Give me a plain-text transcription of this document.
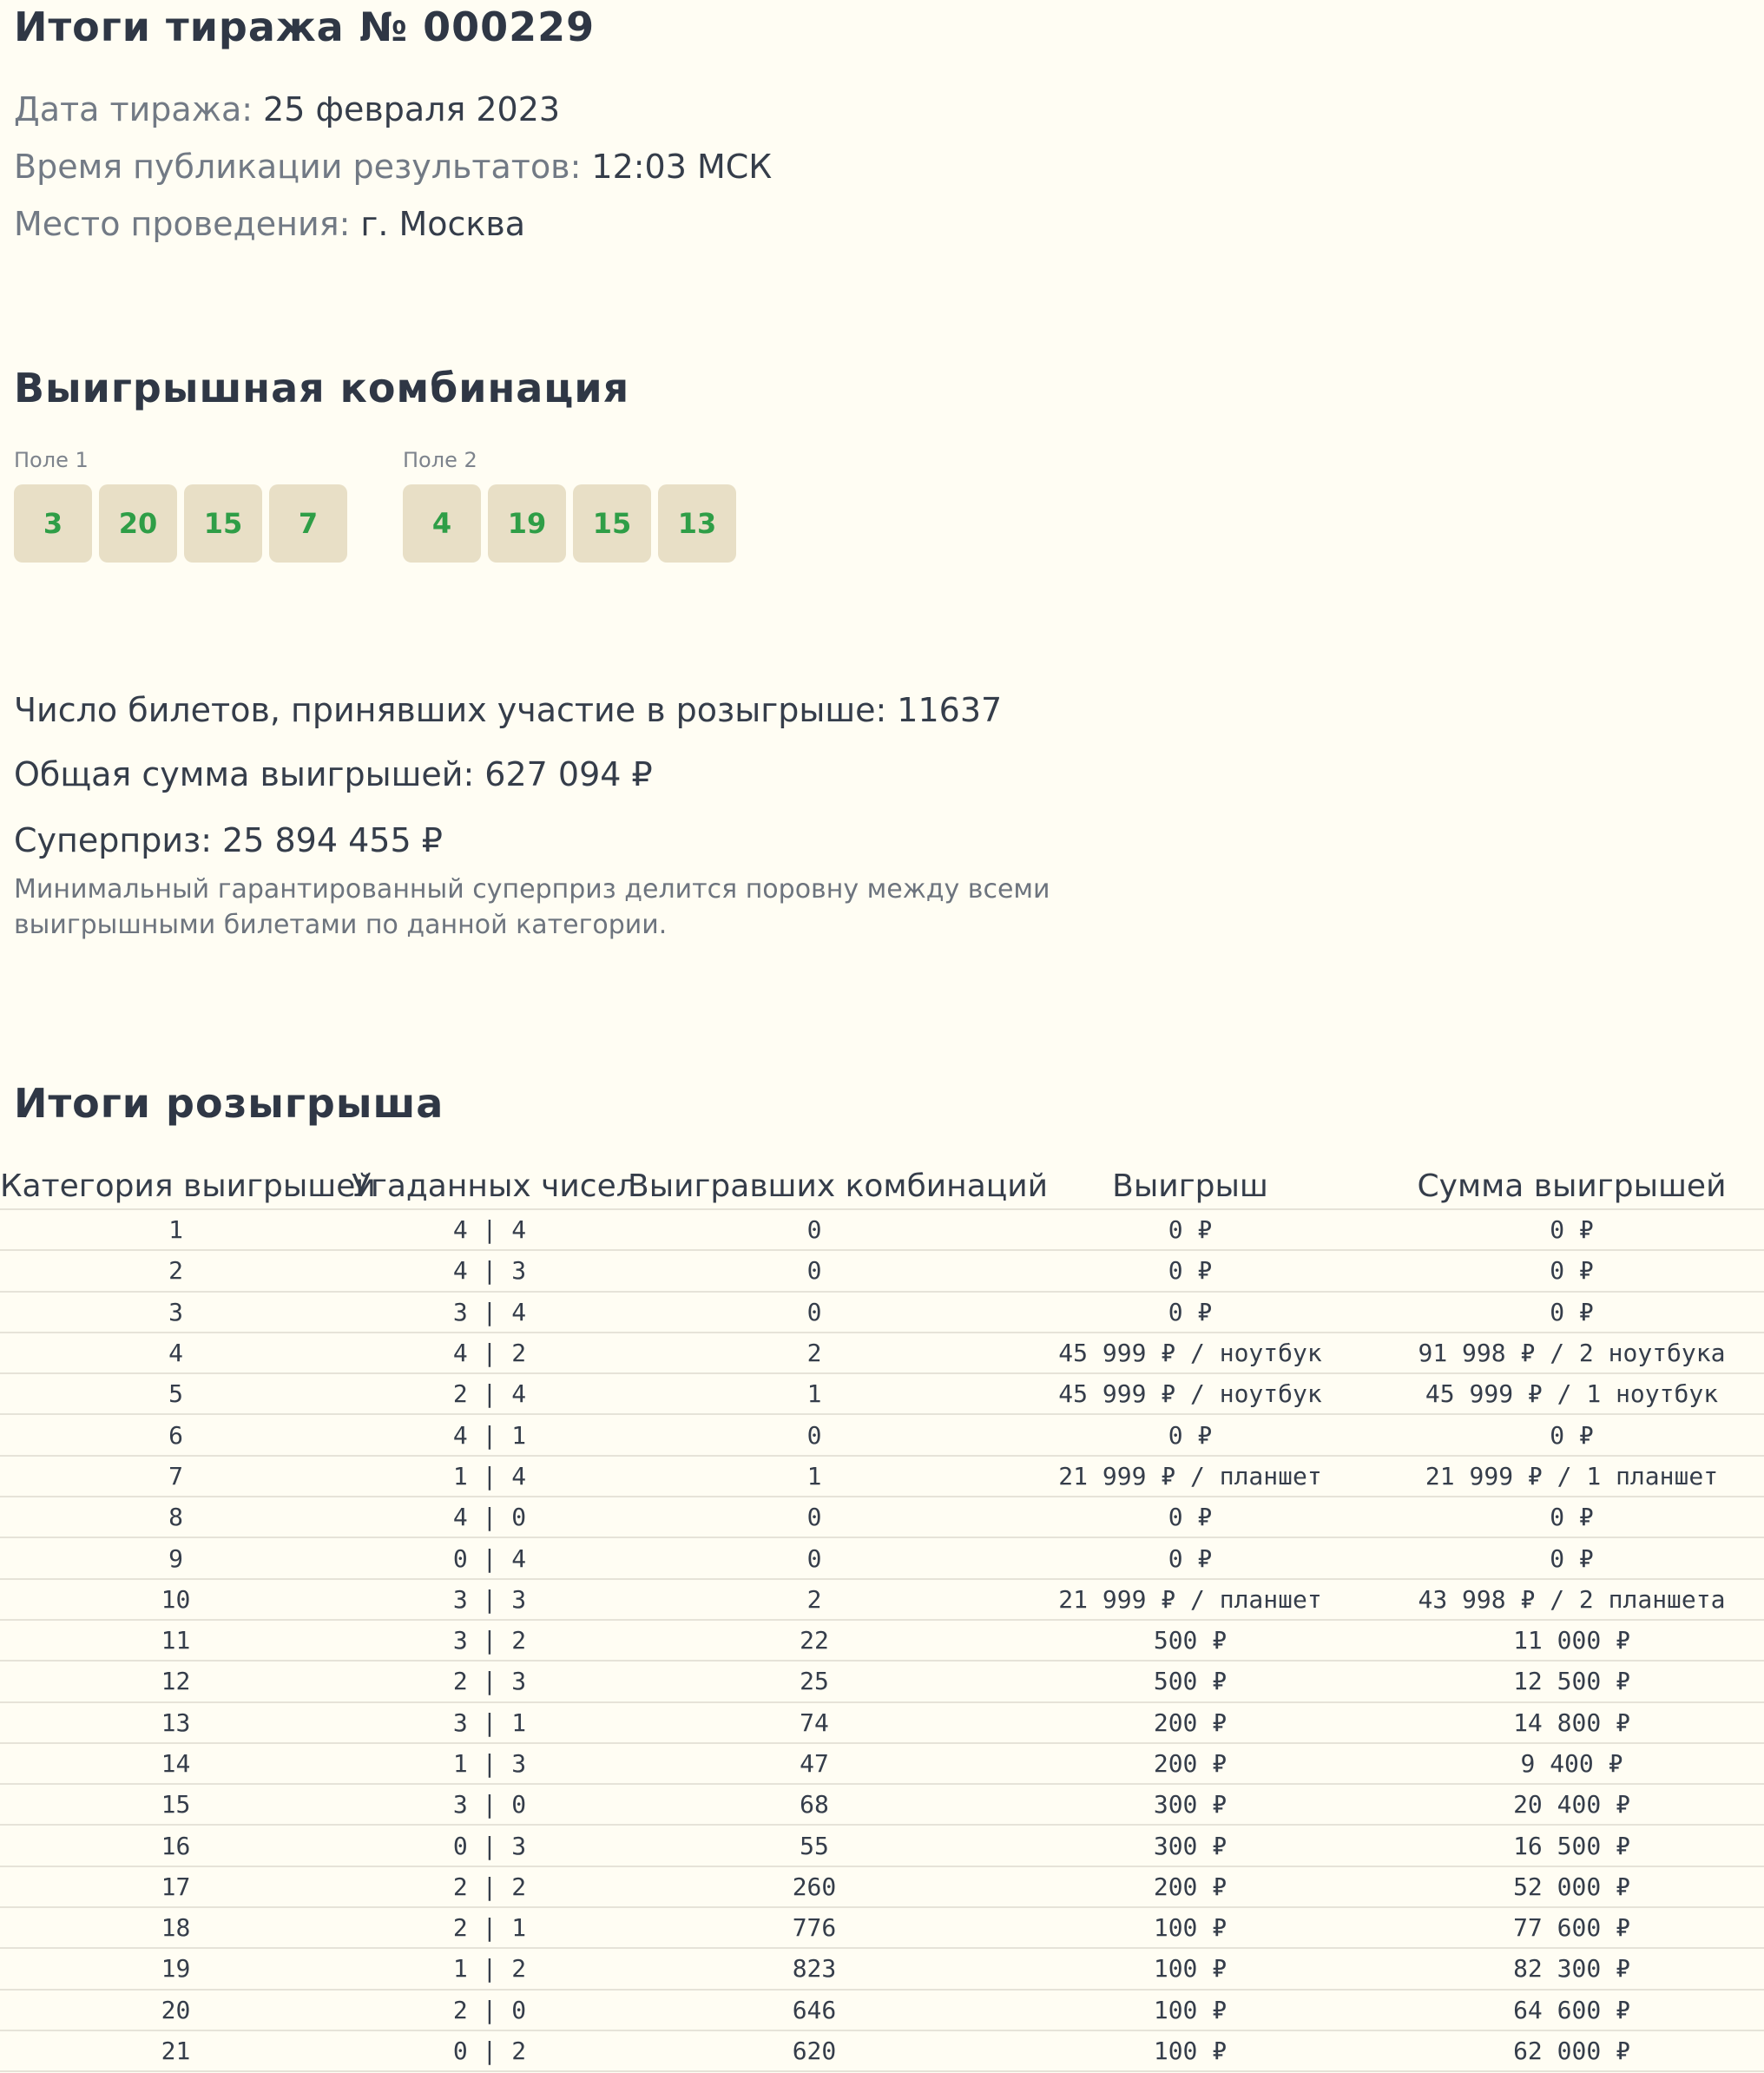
Итоги тиража № 000229
Дата тиража: 25 февраля 2023
Время публикации результатов: 12:03 МСК
Место проведения: г. Москва
Выигрышная комбинация
Поле 1
3	20	15	7
Поле 2
4	19	15	13
Число билетов, принявших участие в розыгрыше: 11637
Общая сумма выигрышей: 627 094 ₽
Суперприз: 25 894 455 ₽
Минимальный гарантированный суперприз делится поровну между всеми выигрышными билетами по данной категории.
Итоги розыгрыша
Категория выигрышей	Угаданных чисел	Выигравших комбинаций	Выигрыш	Сумма выигрышей
1	4 | 4	0	0 ₽	0 ₽
2	4 | 3	0	0 ₽	0 ₽
3	3 | 4	0	0 ₽	0 ₽
4	4 | 2	2	45 999 ₽ / ноутбук	91 998 ₽ / 2 ноутбука
5	2 | 4	1	45 999 ₽ / ноутбук	45 999 ₽ / 1 ноутбук
6	4 | 1	0	0 ₽	0 ₽
7	1 | 4	1	21 999 ₽ / планшет	21 999 ₽ / 1 планшет
8	4 | 0	0	0 ₽	0 ₽
9	0 | 4	0	0 ₽	0 ₽
10	3 | 3	2	21 999 ₽ / планшет	43 998 ₽ / 2 планшета
11	3 | 2	22	500 ₽	11 000 ₽
12	2 | 3	25	500 ₽	12 500 ₽
13	3 | 1	74	200 ₽	14 800 ₽
14	1 | 3	47	200 ₽	9 400 ₽
15	3 | 0	68	300 ₽	20 400 ₽
16	0 | 3	55	300 ₽	16 500 ₽
17	2 | 2	260	200 ₽	52 000 ₽
18	2 | 1	776	100 ₽	77 600 ₽
19	1 | 2	823	100 ₽	82 300 ₽
20	2 | 0	646	100 ₽	64 600 ₽
21	0 | 2	620	100 ₽	62 000 ₽
